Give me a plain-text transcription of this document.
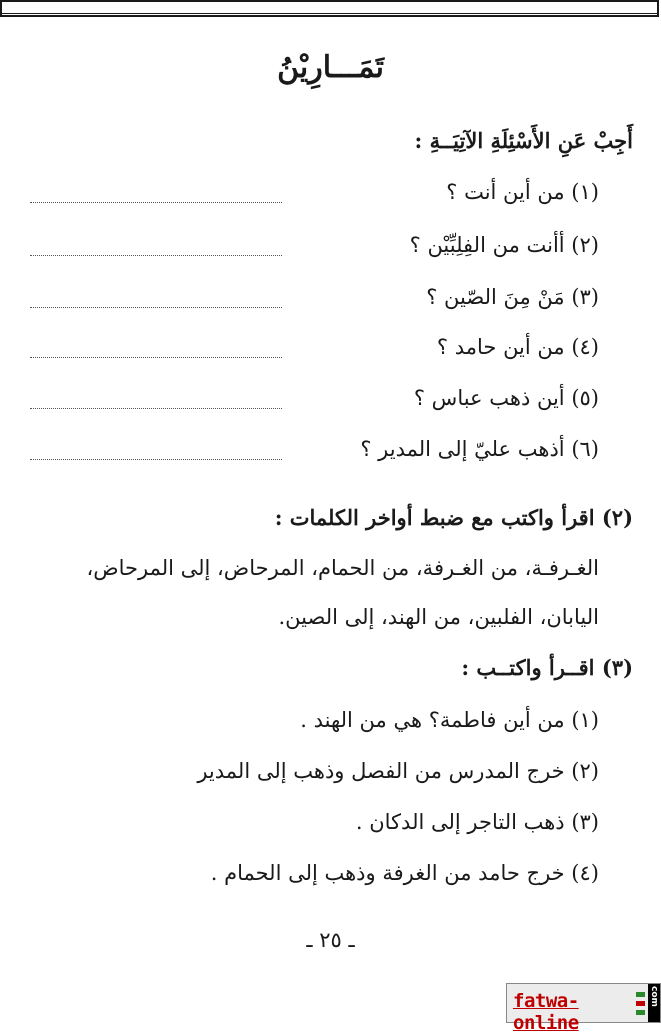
تَمَـــارِيْنُ
أَجِبْ عَنِ الأَسْئِلَةِ الآتِيَــةِ :
(١) من أين أنت ؟
(٢) أأنت من الفِلِبِّيْن ؟
(٣) مَنْ مِنَ الصّين ؟
(٤) من أين حامد ؟
(٥) أين ذهب عباس ؟
(٦) أذهب عليّ إلى المدير ؟
(٢) اقرأ واكتب مع ضبط أواخر الكلمات :
الغـرفـة، من الغـرفة، من الحمام، المرحاض، إلى المرحاض،
اليابان، الفلبين، من الهند، إلى الصين.
(٣) اقــرأ واكتــب :
(١) من أين فاطمة؟ هي من الهند .
(٢) خرج المدرس من الفصل وذهب إلى المدير
(٣) ذهب التاجر إلى الدكان .
(٤) خرج حامد من الغرفة وذهب إلى الحمام .
ـ ٢٥ ـ
fatwa-online
com
